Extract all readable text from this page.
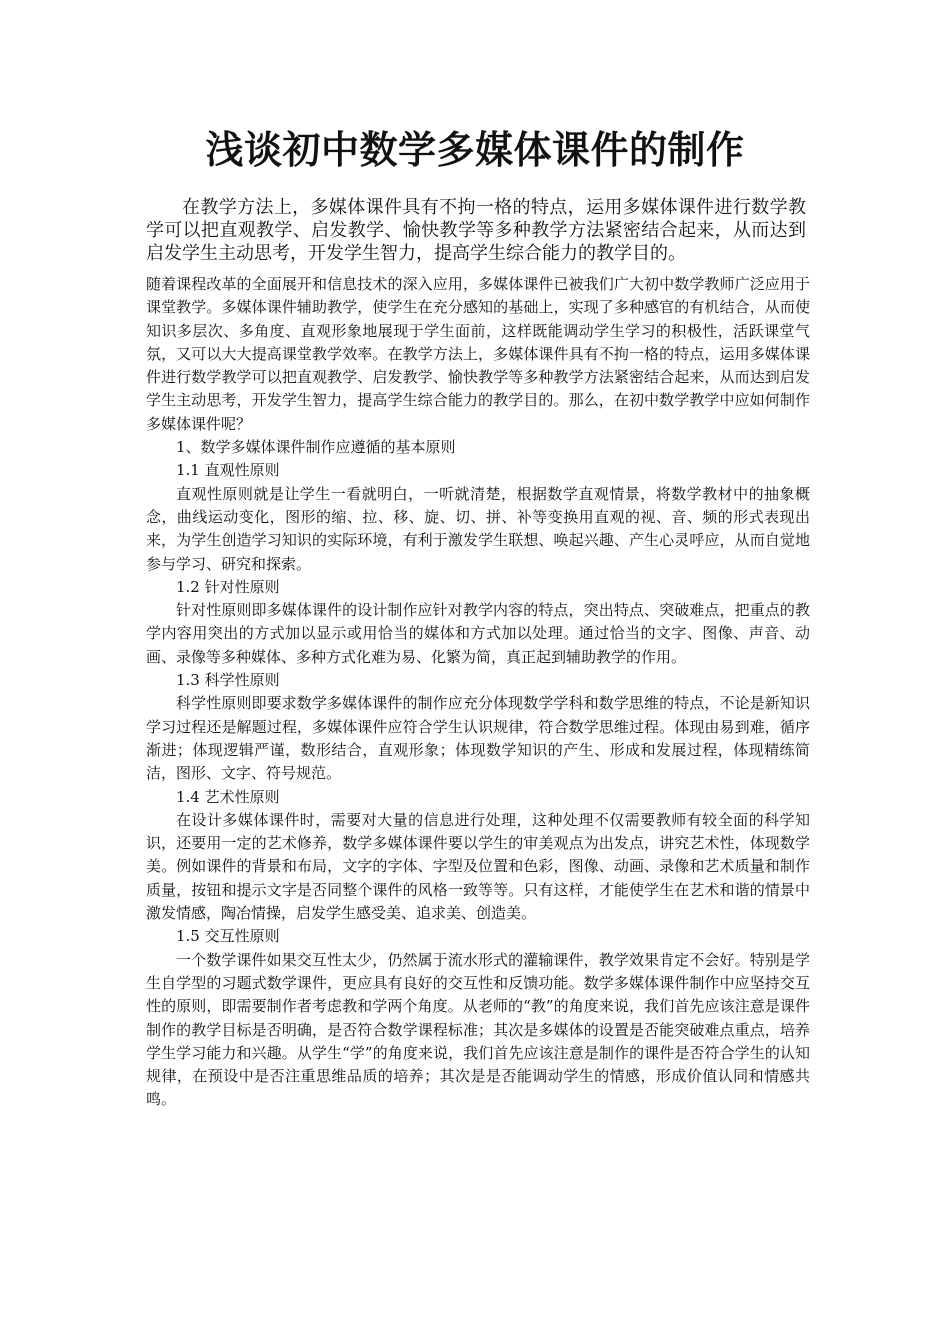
浅谈初中数学多媒体课件的制作

在教学方法上，多媒体课件具有不拘一格的特点，运用多媒体课件进行数学教学可以把直观教学、启发教学、愉快教学等多种教学方法紧密结合起来，从而达到启发学生主动思考，开发学生智力，提高学生综合能力的教学目的。

随着课程改革的全面展开和信息技术的深入应用，多媒体课件已被我们广大初中数学教师广泛应用于课堂教学。多媒体课件辅助教学，使学生在充分感知的基础上，实现了多种感官的有机结合，从而使知识多层次、多角度、直观形象地展现于学生面前，这样既能调动学生学习的积极性，活跃课堂气氛，又可以大大提高课堂教学效率。在教学方法上，多媒体课件具有不拘一格的特点，运用多媒体课件进行数学教学可以把直观教学、启发教学、愉快教学等多种教学方法紧密结合起来，从而达到启发学生主动思考，开发学生智力，提高学生综合能力的教学目的。那么，在初中数学教学中应如何制作多媒体课件呢？

1、数学多媒体课件制作应遵循的基本原则

1.1 直观性原则

直观性原则就是让学生一看就明白，一听就清楚，根据数学直观情景，将数学教材中的抽象概念，曲线运动变化，图形的缩、拉、移、旋、切、拼、补等变换用直观的视、音、频的形式表现出来，为学生创造学习知识的实际环境，有利于激发学生联想、唤起兴趣、产生心灵呼应，从而自觉地参与学习、研究和探索。

1.2 针对性原则

针对性原则即多媒体课件的设计制作应针对教学内容的特点，突出特点、突破难点，把重点的教学内容用突出的方式加以显示或用恰当的媒体和方式加以处理。通过恰当的文字、图像、声音、动画、录像等多种媒体、多种方式化难为易、化繁为简，真正起到辅助教学的作用。

1.3 科学性原则

科学性原则即要求数学多媒体课件的制作应充分体现数学学科和数学思维的特点，不论是新知识学习过程还是解题过程，多媒体课件应符合学生认识规律，符合数学思维过程。体现由易到难，循序渐进；体现逻辑严谨，数形结合，直观形象；体现数学知识的产生、形成和发展过程，体现精练简洁，图形、文字、符号规范。

1.4 艺术性原则

在设计多媒体课件时，需要对大量的信息进行处理，这种处理不仅需要教师有较全面的科学知识，还要用一定的艺术修养，数学多媒体课件要以学生的审美观点为出发点，讲究艺术性，体现数学美。例如课件的背景和布局，文字的字体、字型及位置和色彩，图像、动画、录像和艺术质量和制作质量，按钮和提示文字是否同整个课件的风格一致等等。只有这样，才能使学生在艺术和谐的情景中激发情感，陶冶情操，启发学生感受美、追求美、创造美。

1.5 交互性原则

一个数学课件如果交互性太少，仍然属于流水形式的灌输课件，教学效果肯定不会好。特别是学生自学型的习题式数学课件，更应具有良好的交互性和反馈功能。数学多媒体课件制作中应坚持交互性的原则，即需要制作者考虑教和学两个角度。从老师的“教”的角度来说，我们首先应该注意是课件制作的教学目标是否明确，是否符合数学课程标准；其次是多媒体的设置是否能突破难点重点，培养学生学习能力和兴趣。从学生“学”的角度来说，我们首先应该注意是制作的课件是否符合学生的认知规律，在预设中是否注重思维品质的培养；其次是是否能调动学生的情感，形成价值认同和情感共鸣。
